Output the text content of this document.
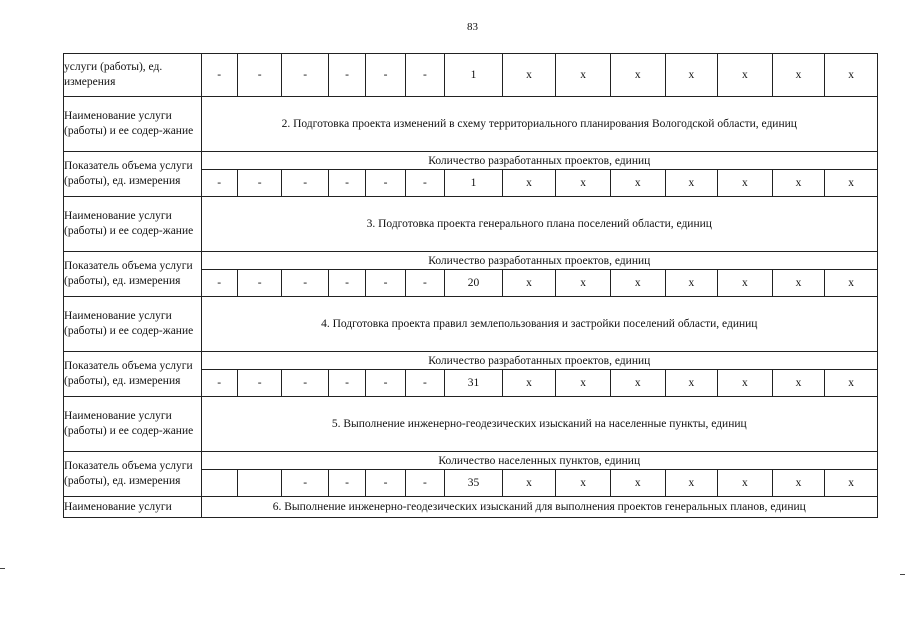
83
услуги (работы), ед. измерения	-	-	-	-	-	-	1	x	x	x	x	x	x	x
Наименование услуги (работы) и ее содер-жание	2. Подготовка проекта изменений в схему территориального планирования Вологодской области, единиц													
Показатель объема услуги (работы), ед. измерения	Количество разработанных проектов, единиц													
	-	-	-	-	-	-	1	x	x	x	x	x	x	x
Наименование услуги (работы) и ее содер-жание	3. Подготовка проекта генерального плана поселений области, единиц													
Показатель объема услуги (работы), ед. измерения	Количество разработанных проектов, единиц													
	-	-	-	-	-	-	20	x	x	x	x	x	x	x
Наименование услуги (работы) и ее содер-жание	4. Подготовка проекта правил землепользования и застройки поселений области, единиц													
Показатель объема услуги (работы), ед. измерения	Количество разработанных проектов, единиц													
	-	-	-	-	-	-	31	x	x	x	x	x	x	x
Наименование услуги (работы) и ее содер-жание	5. Выполнение инженерно-геодезических изысканий на населенные пункты, единиц													
Показатель объема услуги (работы), ед. измерения	Количество населенных пунктов, единиц													
			-	-	-	-	35	x	x	x	x	x	x	x
Наименование услуги	6. Выполнение инженерно-геодезических изысканий для выполнения проектов генеральных планов, единиц													
